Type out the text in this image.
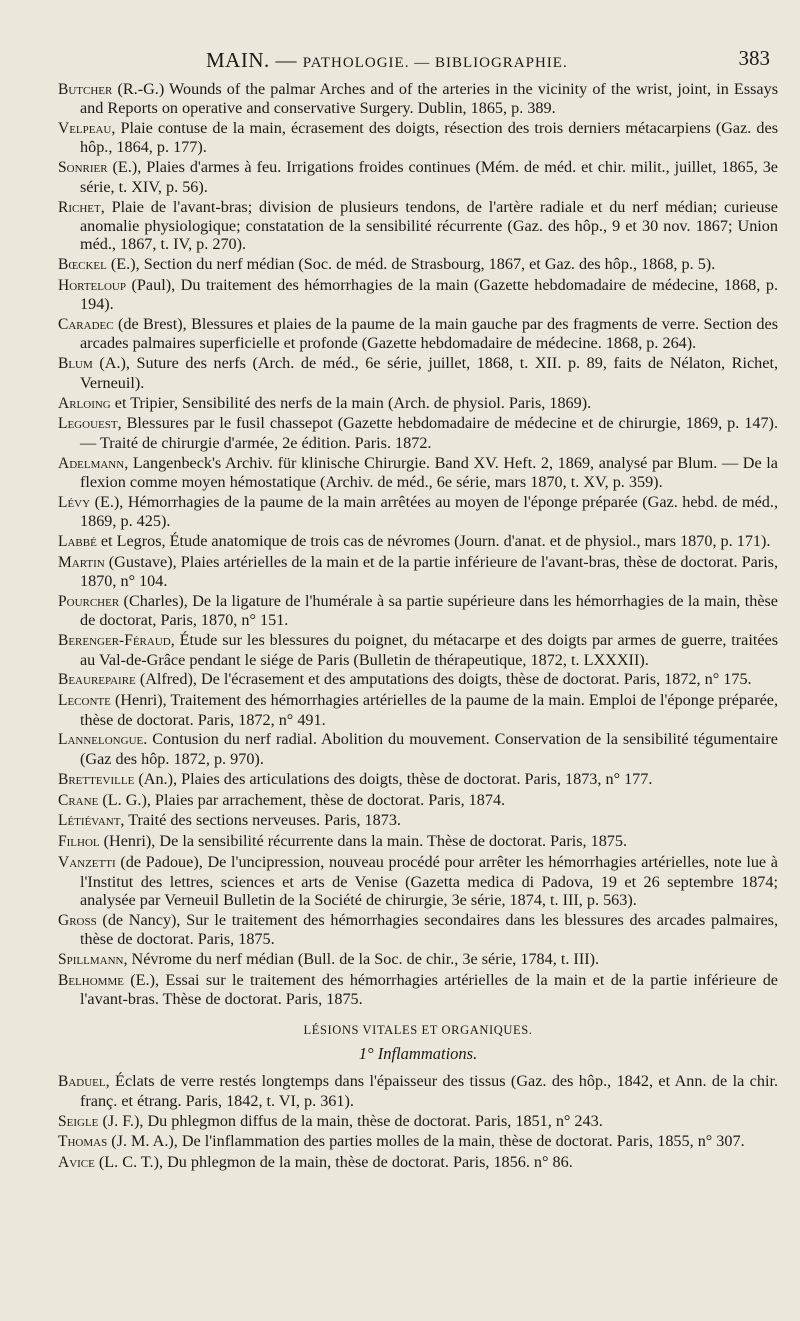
MAIN. — PATHOLOGIE. — BIBLIOGRAPHIE.	383

Butcher (R.-G.) Wounds of the palmar Arches and of the arteries in the vicinity of the wrist, joint, in Essays and Reports on operative and conservative Surgery. Dublin, 1865, p. 389.

Velpeau, Plaie contuse de la main, écrasement des doigts, résection des trois derniers métacarpiens (Gaz. des hôp., 1864, p. 177).

Sonrier (E.), Plaies d'armes à feu. Irrigations froides continues (Mém. de méd. et chir. milit., juillet, 1865, 3e série, t. XIV, p. 56).

Richet, Plaie de l'avant-bras; division de plusieurs tendons, de l'artère radiale et du nerf médian; curieuse anomalie physiologique; constatation de la sensibilité récurrente (Gaz. des hôp., 9 et 30 nov. 1867; Union méd., 1867, t. IV, p. 270).

Bœckel (E.), Section du nerf médian (Soc. de méd. de Strasbourg, 1867, et Gaz. des hôp., 1868, p. 5).

Horteloup (Paul), Du traitement des hémorrhagies de la main (Gazette hebdomadaire de médecine, 1868, p. 194).

Caradec (de Brest), Blessures et plaies de la paume de la main gauche par des fragments de verre. Section des arcades palmaires superficielle et profonde (Gazette hebdomadaire de médecine. 1868, p. 264).

Blum (A.), Suture des nerfs (Arch. de méd., 6e série, juillet, 1868, t. XII. p. 89, faits de Nélaton, Richet, Verneuil).

Arloing et Tripier, Sensibilité des nerfs de la main (Arch. de physiol. Paris, 1869).

Legouest, Blessures par le fusil chassepot (Gazette hebdomadaire de médecine et de chirurgie, 1869, p. 147). — Traité de chirurgie d'armée, 2e édition. Paris. 1872.

Adelmann, Langenbeck's Archiv. für klinische Chirurgie. Band XV. Heft. 2, 1869, analysé par Blum. — De la flexion comme moyen hémostatique (Archiv. de méd., 6e série, mars 1870, t. XV, p. 359).

Lévy (E.), Hémorrhagies de la paume de la main arrêtées au moyen de l'éponge préparée (Gaz. hebd. de méd., 1869, p. 425).

Labbé et Legros, Étude anatomique de trois cas de névromes (Journ. d'anat. et de physiol., mars 1870, p. 171).

Martin (Gustave), Plaies artérielles de la main et de la partie inférieure de l'avant-bras, thèse de doctorat. Paris, 1870, n° 104.

Pourcher (Charles), De la ligature de l'humérale à sa partie supérieure dans les hémorrhagies de la main, thèse de doctorat, Paris, 1870, n° 151.

Berenger-Féraud, Étude sur les blessures du poignet, du métacarpe et des doigts par armes de guerre, traitées au Val-de-Grâce pendant le siége de Paris (Bulletin de thérapeutique, 1872, t. LXXXII).

Beaurepaire (Alfred), De l'écrasement et des amputations des doigts, thèse de doctorat. Paris, 1872, n° 175.

Leconte (Henri), Traitement des hémorrhagies artérielles de la paume de la main. Emploi de l'éponge préparée, thèse de doctorat. Paris, 1872, n° 491.

Lannelongue. Contusion du nerf radial. Abolition du mouvement. Conservation de la sensibilité tégumentaire (Gaz des hôp. 1872, p. 970).

Bretteville (An.), Plaies des articulations des doigts, thèse de doctorat. Paris, 1873, n° 177.

Crane (L. G.), Plaies par arrachement, thèse de doctorat. Paris, 1874.

Létiévant, Traité des sections nerveuses. Paris, 1873.

Filhol (Henri), De la sensibilité récurrente dans la main. Thèse de doctorat. Paris, 1875.

Vanzetti (de Padoue), De l'uncipression, nouveau procédé pour arrêter les hémorrhagies artérielles, note lue à l'Institut des lettres, sciences et arts de Venise (Gazetta medica di Padova, 19 et 26 septembre 1874; analysée par Verneuil Bulletin de la Société de chirurgie, 3e série, 1874, t. III, p. 563).

Gross (de Nancy), Sur le traitement des hémorrhagies secondaires dans les blessures des arcades palmaires, thèse de doctorat. Paris, 1875.

Spillmann, Névrome du nerf médian (Bull. de la Soc. de chir., 3e série, 1784, t. III).

Belhomme (E.), Essai sur le traitement des hémorrhagies artérielles de la main et de la partie inférieure de l'avant-bras. Thèse de doctorat. Paris, 1875.

LÉSIONS VITALES ET ORGANIQUES.
1° Inflammations.

Baduel, Éclats de verre restés longtemps dans l'épaisseur des tissus (Gaz. des hôp., 1842, et Ann. de la chir. franç. et étrang. Paris, 1842, t. VI, p. 361).

Seigle (J. F.), Du phlegmon diffus de la main, thèse de doctorat. Paris, 1851, n° 243.

Thomas (J. M. A.), De l'inflammation des parties molles de la main, thèse de doctorat. Paris, 1855, n° 307.

Avice (L. C. T.), Du phlegmon de la main, thèse de doctorat. Paris, 1856. n° 86.
